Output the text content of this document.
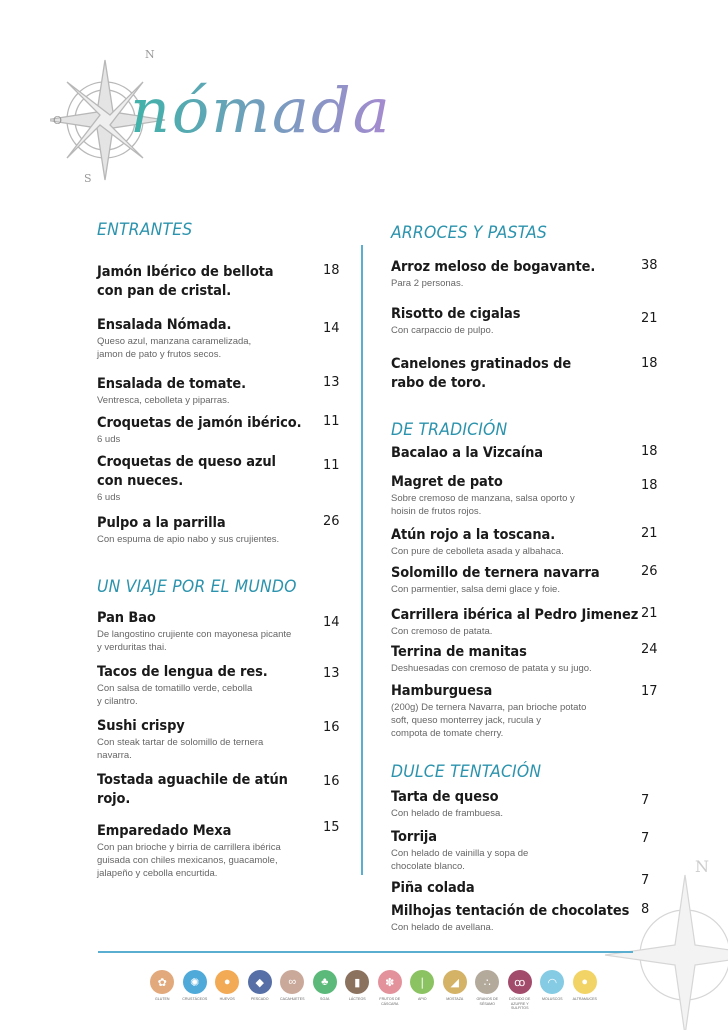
N
O
S
nómada
N
ENTRANTES
Jamón Ibérico de bellota
con pan de cristal.
18
Ensalada Nómada.
Queso azul, manzana caramelizada,
jamon de pato y frutos secos.
14
Ensalada de tomate.
Ventresca, cebolleta y piparras.
13
Croquetas de jamón ibérico.
6 uds
11
Croquetas de queso azul
con nueces.
6 uds
11
Pulpo a la parrilla
Con espuma de apio nabo y sus crujientes.
26
UN VIAJE POR EL MUNDO
Pan Bao
De langostino crujiente con mayonesa picante
y verduritas thai.
14
Tacos de lengua de res.
Con salsa de tomatillo verde, cebolla
y cilantro.
13
Sushi crispy
Con steak tartar de solomillo de ternera
navarra.
16
Tostada aguachile de atún
rojo.
16
Emparedado Mexa
Con pan brioche y birria de carrillera ibérica
guisada con chiles mexicanos, guacamole,
jalapeño y cebolla encurtida.
15
ARROCES Y PASTAS
Arroz meloso de bogavante.
Para 2 personas.
38
Risotto de cigalas
Con carpaccio de pulpo.
21
Canelones gratinados de
rabo de toro.
18
DE TRADICIÓN
Bacalao a la Vizcaína	18
Magret de pato
Sobre cremoso de manzana, salsa oporto y
hoisin de frutos rojos.
18
Atún rojo a la toscana.
Con pure de cebolleta asada y albahaca.
21
Solomillo de ternera navarra
Con parmentier, salsa demi glace y foie.
26
Carrillera ibérica al Pedro Jimenez
Con cremoso de patata.
21
Terrina de manitas
Deshuesadas con cremoso de patata y su jugo.
24
Hamburguesa
(200g) De ternera Navarra, pan brioche potato
soft, queso monterrey jack, rucula y
compota de tomate cherry.
17
DULCE TENTACIÓN
Tarta de queso
Con helado de frambuesa.
7
Torrija
Con helado de vainilla y sopa de
chocolate blanco.
7
Piña colada	7
Milhojas tentación de chocolates
Con helado de avellana.
8
✿
GLUTEN
✺
CRUSTÁCEOS
●
HUEVOS
◆
PESCADO
∞
CACAHUETES
♣
SOJA
▮
LÁCTEOS
✽
FRUTOS DE CÁSCARA
❘
APIO
◢
MOSTAZA
∴
GRANOS DE SÉSAMO
ꝏ
DIÓXIDO DE AZUFRE Y SULFITOS
◠
MOLUSCOS
●
ALTRAMUCES
